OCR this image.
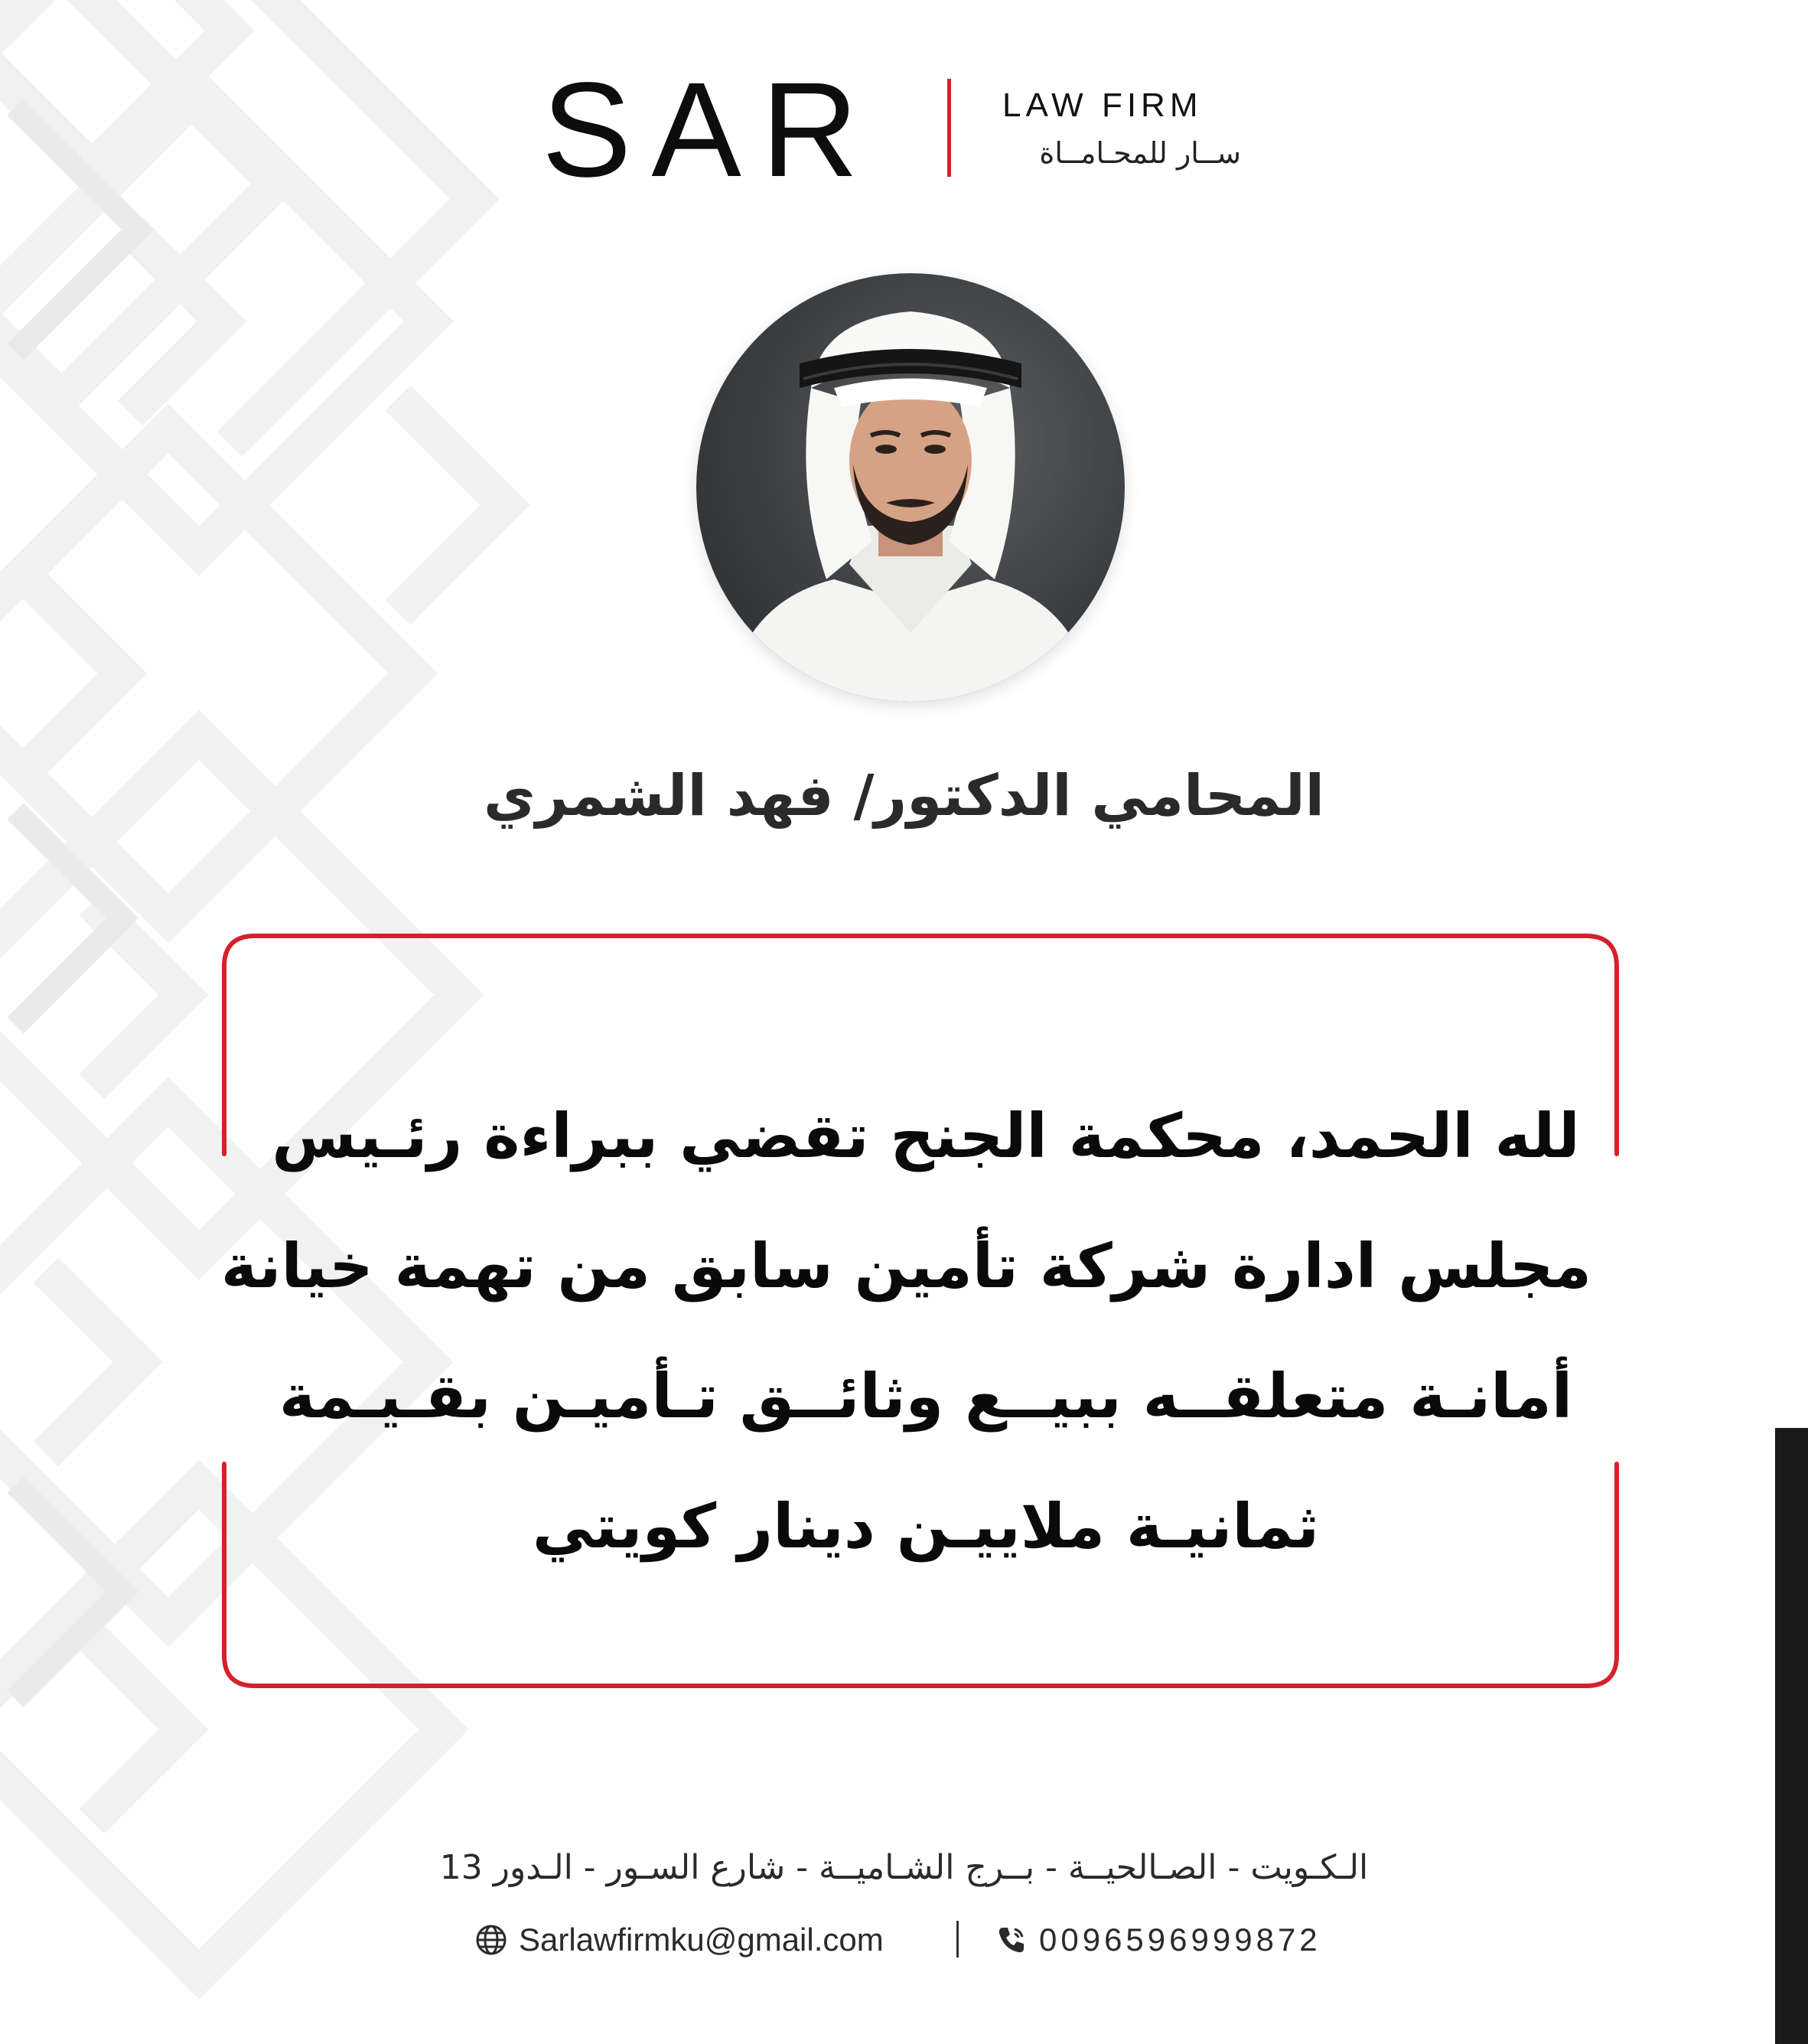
SAR	LAW FIRM
ســار للمحـامــاة
المحامي الدكتور/ فهد الشمري
لله الحمد، محكمة الجنح تقضي ببراءة رئـيس
مجلس ادارة شركة تأمين سابق من تهمة خيانة
أمانـة متعلقــه ببيــع وثائــق تـأميـن بقـيـمة
ثمانيـة ملاييـن دينار كويتي
الـكـويت - الصـالحيــة - بــرج الشـاميــة - شارع السـور - الـدور 13
Sarlawfirmku@gmail.com	0096596999872
